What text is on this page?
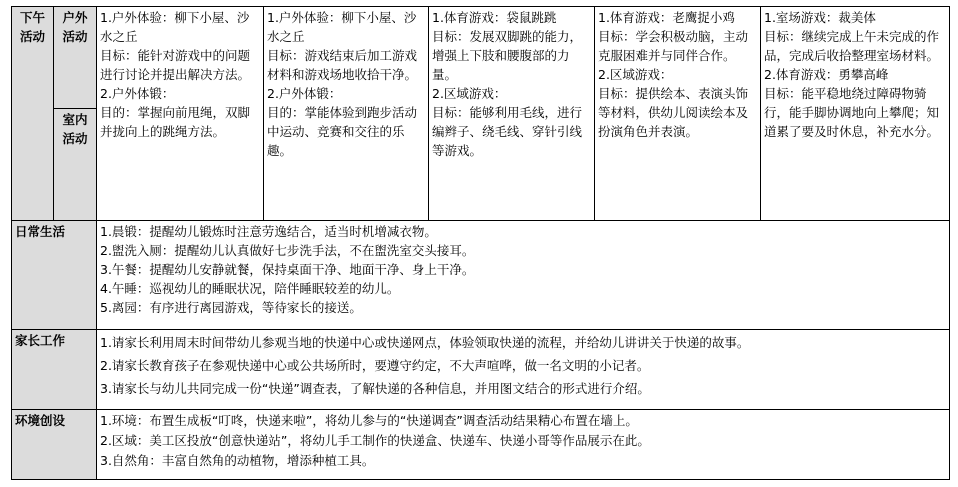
下午活动	户外活动	1.户外体验：柳下小屋、沙水之丘
目标：能针对游戏中的问题进行讨论并提出解决方法。
2.户外体锻：
目的：掌握向前甩绳，双脚并拢向上的跳绳方法。	1.户外体验：柳下小屋、沙水之丘
目标：游戏结束后加工游戏材料和游戏场地收拾干净。
2.户外体锻：
目的：掌能体验到跑步活动中运动、竞赛和交往的乐趣。	1.体育游戏：袋鼠跳跳
目标：发展双脚跳的能力，增强上下肢和腰腹部的力量。
2.区域游戏：
目标：能够利用毛线，进行编辫子、绕毛线、穿针引线等游戏。	1.体育游戏：老鹰捉小鸡
目标：学会积极动脑，主动克服困难并与同伴合作。
2.区域游戏：
目标：提供绘本、表演头饰等材料，供幼儿阅读绘本及扮演角色并表演。	1.室场游戏：裁美体
目标：继续完成上午未完成的作品，完成后收拾整理室场材料。
2.体育游戏：勇攀高峰
目标：能平稳地绕过障碍物骑行，能手脚协调地向上攀爬；知道累了要及时休息，补充水分。

	室内活动					
日常生活		1.晨锻：提醒幼儿锻炼时注意劳逸结合，适当时机增减衣物。
2.盥洗入厕：提醒幼儿认真做好七步洗手法，不在盥洗室交头接耳。
3.午餐：提醒幼儿安静就餐，保持桌面干净、地面干净、身上干净。
4.午睡：巡视幼儿的睡眠状况，陪伴睡眠较差的幼儿。
5.离园：有序进行离园游戏，等待家长的接送。				

家长工作		1.请家长利用周末时间带幼儿参观当地的快递中心或快递网点，体验领取快递的流程，并给幼儿讲讲关于快递的故事。
2.请家长教育孩子在参观快递中心或公共场所时，要遵守约定，不大声喧哗，做一名文明的小记者。
3.请家长与幼儿共同完成一份“快递”调查表，了解快递的各种信息，并用图文结合的形式进行介绍。				

环境创设		1.环境：布置生成板“叮咚，快递来啦”，将幼儿参与的“快递调查”调查活动结果精心布置在墙上。
2.区域：美工区投放“创意快递站”，将幼儿手工制作的快递盒、快递车、快递小哥等作品展示在此。
3.自然角：丰富自然角的动植物，增添种植工具。				
